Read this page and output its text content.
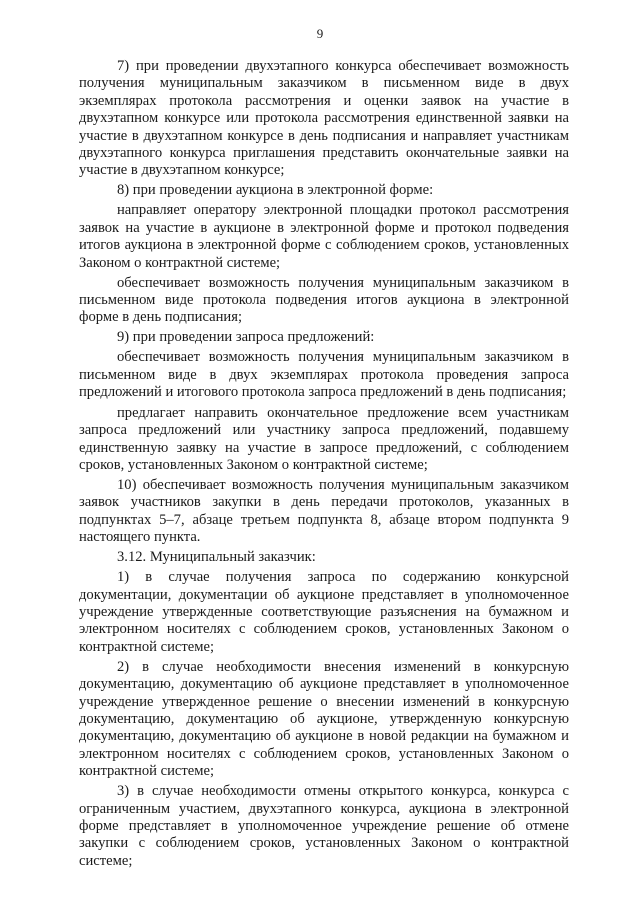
9

7) при проведении двухэтапного конкурса обеспечивает возможность получения муниципальным заказчиком в письменном виде в двух экземплярах протокола рассмотрения и оценки заявок на участие в двухэтапном конкурсе или протокола рассмотрения единственной заявки на участие в двухэтапном конкурсе в день подписания и направляет участникам двухэтапного конкурса приглашения представить окончательные заявки на участие в двухэтапном конкурсе;

8) при проведении аукциона в электронной форме:

направляет оператору электронной площадки протокол рассмотрения заявок на участие в аукционе в электронной форме и протокол подведения итогов аукциона в электронной форме с соблюдением сроков, установленных Законом о контрактной системе;

обеспечивает возможность получения муниципальным заказчиком в письменном виде протокола подведения итогов аукциона в электронной форме в день подписания;

9) при проведении запроса предложений:

обеспечивает возможность получения муниципальным заказчиком в письменном виде в двух экземплярах протокола проведения запроса предложений и итогового протокола запроса предложений в день подписания;

предлагает направить окончательное предложение всем участникам запроса предложений или участнику запроса предложений, подавшему единственную заявку на участие в запросе предложений, с соблюдением сроков, установленных Законом о контрактной системе;

10) обеспечивает возможность получения муниципальным заказчиком заявок участников закупки в день передачи протоколов, указанных в подпунктах 5–7, абзаце третьем подпункта 8, абзаце втором подпункта 9 настоящего пункта.

3.12. Муниципальный заказчик:

1) в случае получения запроса по содержанию конкурсной документации, документации об аукционе представляет в уполномоченное учреждение утвержденные соответствующие разъяснения на бумажном и электронном носителях с соблюдением сроков, установленных Законом о контрактной системе;

2) в случае необходимости внесения изменений в конкурсную документацию, документацию об аукционе представляет в уполномоченное учреждение утвержденное решение о внесении изменений в конкурсную документацию, документацию об аукционе, утвержденную конкурсную документацию, документацию об аукционе в новой редакции на бумажном и электронном носителях с соблюдением сроков, установленных Законом о контрактной системе;

3) в случае необходимости отмены открытого конкурса, конкурса с ограниченным участием, двухэтапного конкурса, аукциона в электронной форме представляет в уполномоченное учреждение решение об отмене закупки с соблюдением сроков, установленных Законом о контрактной системе;
